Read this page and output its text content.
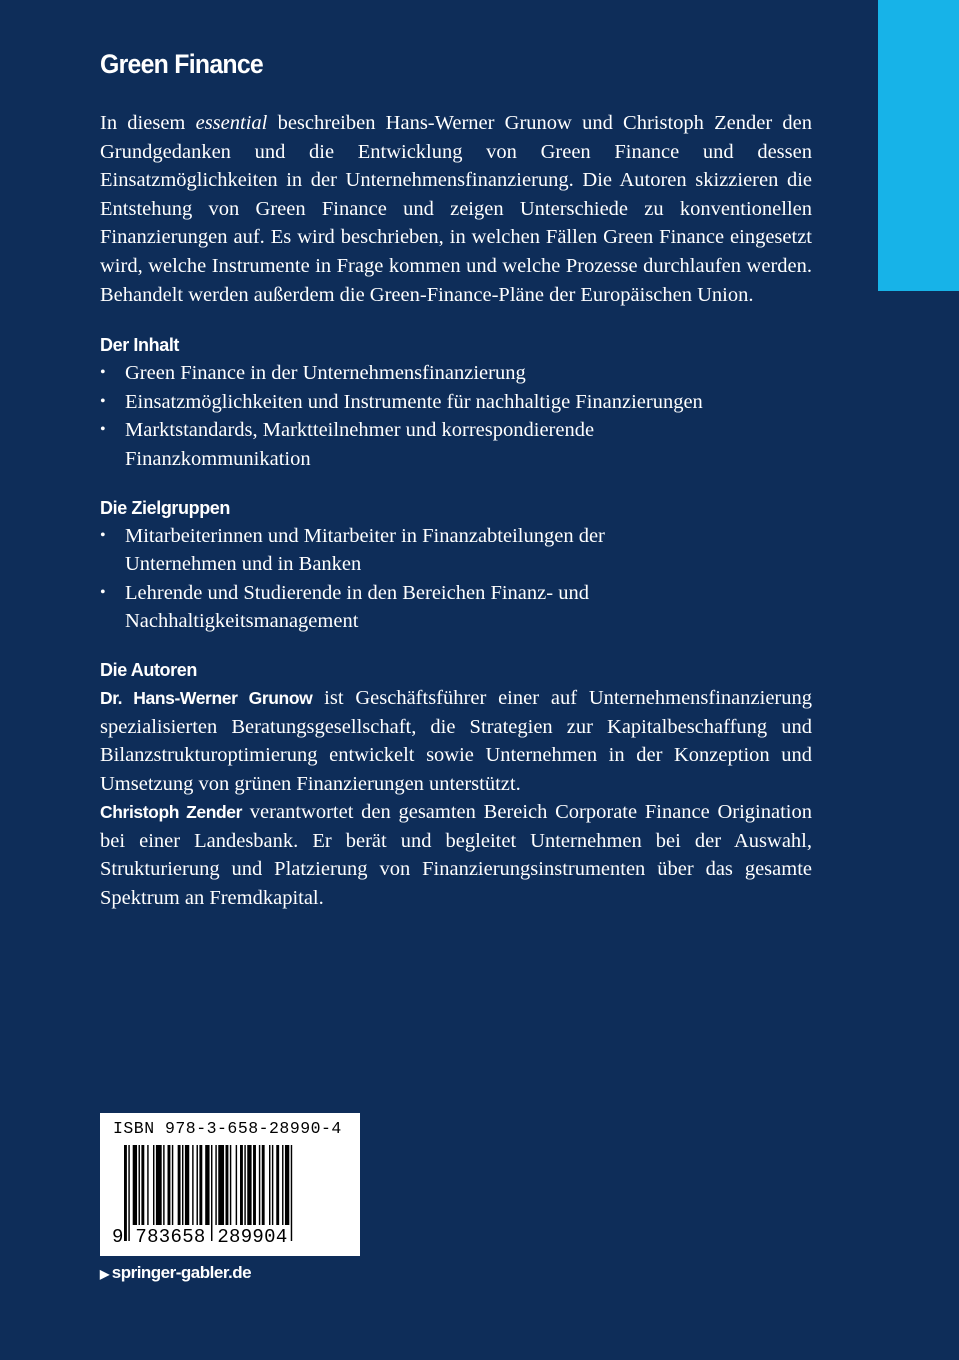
Green Finance

In diesem essential beschreiben Hans-Werner Grunow und Christoph Zender den Grundgedanken und die Entwicklung von Green Finance und dessen Einsatzmöglichkeiten in der Unternehmensfinanzierung. Die Autoren skizzieren die Entstehung von Green Finance und zeigen Unterschiede zu konventionellen Finanzierungen auf. Es wird beschrieben, in welchen Fällen Green Finance eingesetzt wird, welche Instrumente in Frage kommen und welche Prozesse durchlaufen werden. Behandelt werden außerdem die Green-Finance-Pläne der Europäischen Union.

Der Inhalt
• Green Finance in der Unternehmensfinanzierung
• Einsatzmöglichkeiten und Instrumente für nachhaltige Finanzierungen
• Marktstandards, Marktteilnehmer und korrespondierende Finanzkommunikation
Die Zielgruppen
• Mitarbeiterinnen und Mitarbeiter in Finanzabteilungen der Unternehmen und in Banken
• Lehrende und Studierende in den Bereichen Finanz- und Nachhaltigkeitsmanagement
Die Autoren

Dr. Hans-Werner Grunow ist Geschäftsführer einer auf Unternehmensfinanzierung spezialisierten Beratungsgesellschaft, die Strategien zur Kapitalbeschaffung und Bilanzstrukturoptimierung entwickelt sowie Unternehmen in der Konzeption und Umsetzung von grünen Finanzierungen unterstützt.

Christoph Zender verantwortet den gesamten Bereich Corporate Finance Origination bei einer Landesbank. Er berät und begleitet Unternehmen bei der Auswahl, Strukturierung und Platzierung von Finanzierungsinstrumenten über das gesamte Spektrum an Fremdkapital.

ISBN 978-3-658-28990-4
9 783658 289904
▶ springer-gabler.de
